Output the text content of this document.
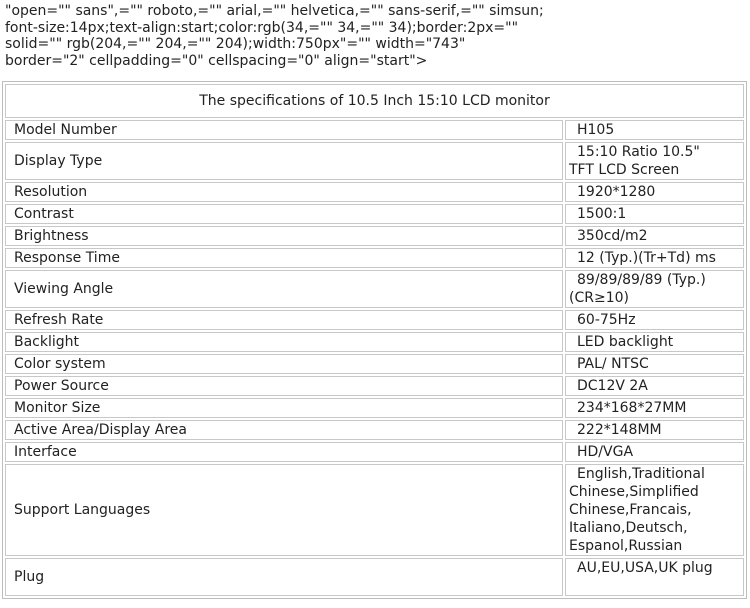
"open="" sans",="" roboto,="" arial,="" helvetica,="" sans-serif,="" simsun;
font-size:14px;text-align:start;color:rgb(34,="" 34,="" 34);border:2px=""
solid="" rgb(204,="" 204,="" 204);width:750px"="" width="743"
border="2" cellpadding="0" cellspacing="0" align="start">
The specifications of 10.5 Inch 15:10 LCD monitor	
Model Number	H105
Display Type	15:10 Ratio 10.5"
TFT LCD Screen

Resolution	1920*1280
Contrast	1500:1
Brightness	350cd/m2
Response Time	12 (Typ.)(Tr+Td) ms
Viewing Angle	89/89/89/89 (Typ.)
(CR≥10)

Refresh Rate	60-75Hz
Backlight	LED backlight
Color system	PAL/ NTSC
Power Source	DC12V 2A
Monitor Size	234*168*27MM
Active Area/Display Area	222*148MM
Interface	HD/VGA
Support Languages	English,Traditional
Chinese,Simplified
Chinese,Francais,
Italiano,Deutsch,
Espanol,Russian

Plug	AU,EU,USA,UK plug
